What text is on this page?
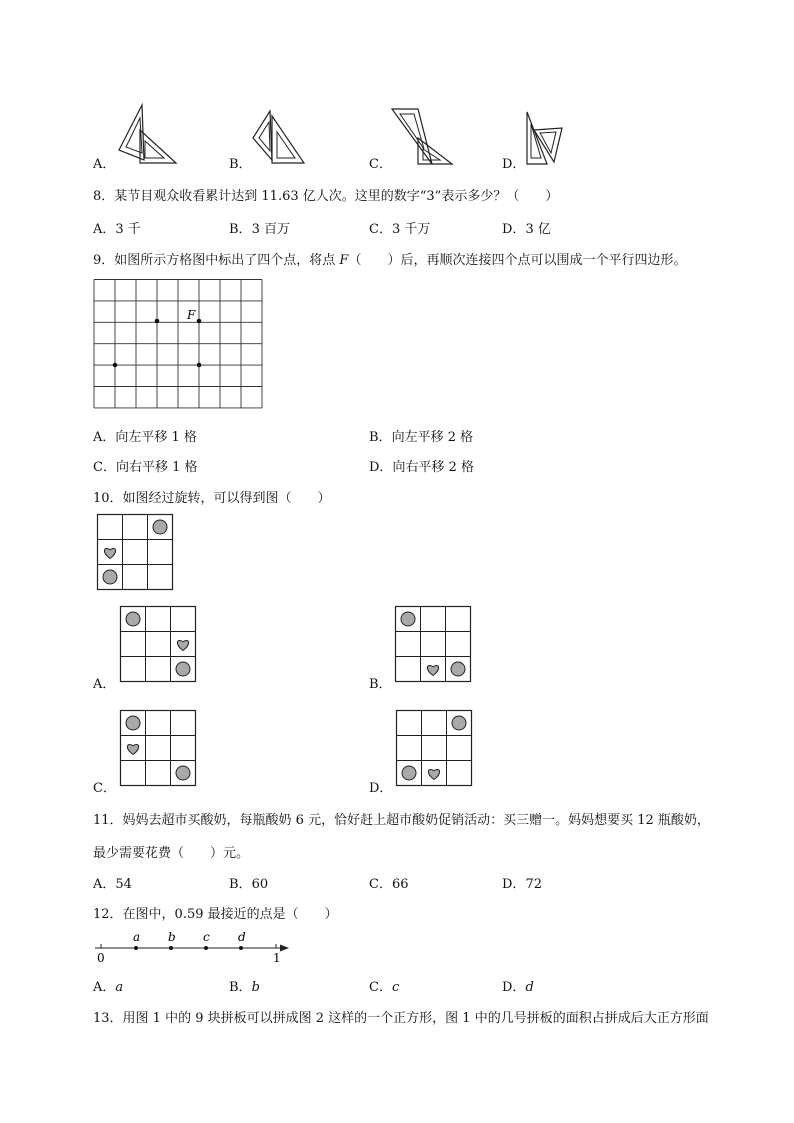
A．	B．	C．	D．
8．某节目观众收看累计达到 11.63 亿人次。这里的数字“3”表示多少？（　　）
A．3 千	B．3 百万	C．3 千万	D．3 亿
9．如图所示方格图中标出了四个点，将点 F（　　）后，再顺次连接四个点可以围成一个平行四边形。
F
A．向左平移 1 格	B．向左平移 2 格
C．向右平移 1 格	D．向右平移 2 格
10．如图经过旋转，可以得到图（　　）
A．	B．
C．	D．
11．妈妈去超市买酸奶，每瓶酸奶 6 元，恰好赶上超市酸奶促销活动：买三赠一。妈妈想要买 12 瓶酸奶，
最少需要花费（　　）元。
A．54	B．60	C．66	D．72
12．在图中，0.59 最接近的点是（　　）
0	1
a b c d
A．a	B．b	C．c	D．d
13．用图 1 中的 9 块拼板可以拼成图 2 这样的一个正方形，图 1 中的几号拼板的面积占拼成后大正方形面
